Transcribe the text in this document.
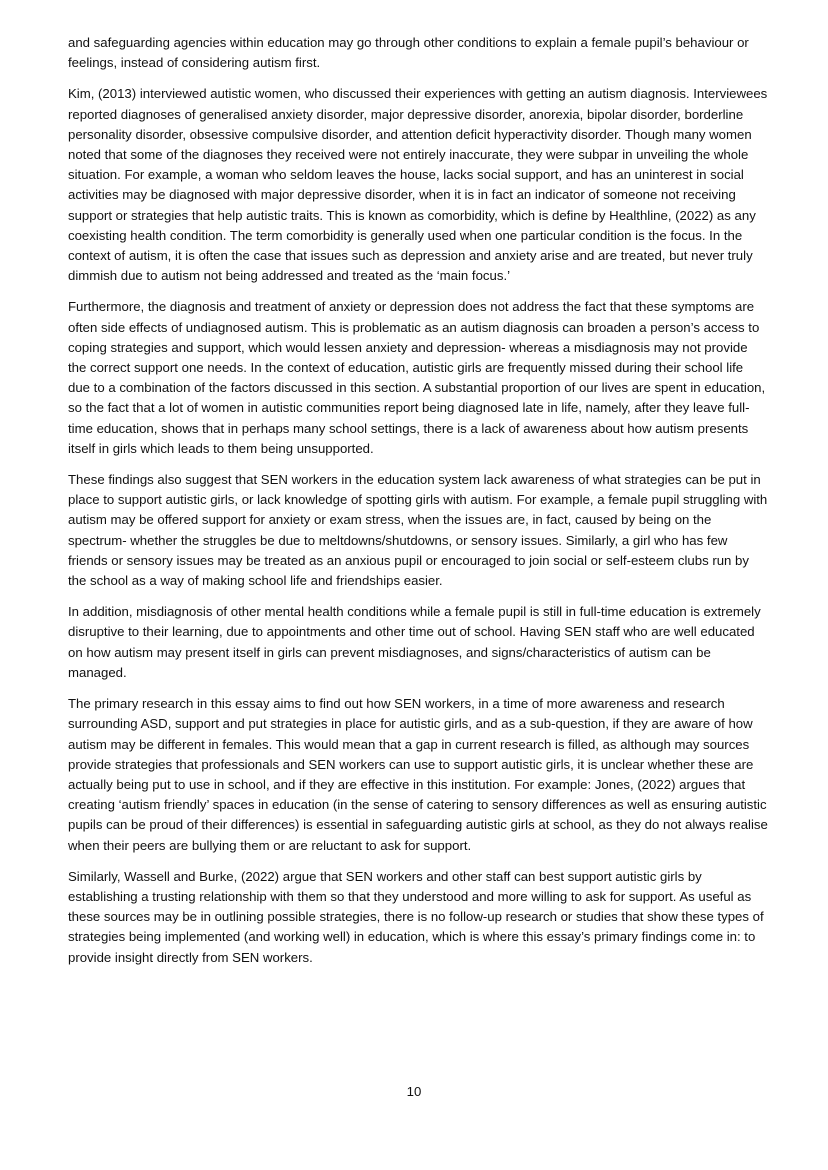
and safeguarding agencies within education may go through other conditions to explain a female pupil’s behaviour or feelings, instead of considering autism first.

Kim, (2013) interviewed autistic women, who discussed their experiences with getting an autism diagnosis. Interviewees reported diagnoses of generalised anxiety disorder, major depressive disorder, anorexia, bipolar disorder, borderline personality disorder, obsessive compulsive disorder, and attention deficit hyperactivity disorder. Though many women noted that some of the diagnoses they received were not entirely inaccurate, they were subpar in unveiling the whole situation. For example, a woman who seldom leaves the house, lacks social support, and has an uninterest in social activities may be diagnosed with major depressive disorder, when it is in fact an indicator of someone not receiving support or strategies that help autistic traits. This is known as comorbidity, which is define by Healthline, (2022) as any coexisting health condition. The term comorbidity is generally used when one particular condition is the focus. In the context of autism, it is often the case that issues such as depression and anxiety arise and are treated, but never truly dimmish due to autism not being addressed and treated as the ‘main focus.’

Furthermore, the diagnosis and treatment of anxiety or depression does not address the fact that these symptoms are often side effects of undiagnosed autism. This is problematic as an autism diagnosis can broaden a person’s access to coping strategies and support, which would lessen anxiety and depression- whereas a misdiagnosis may not provide the correct support one needs. In the context of education, autistic girls are frequently missed during their school life due to a combination of the factors discussed in this section. A substantial proportion of our lives are spent in education, so the fact that a lot of women in autistic communities report being diagnosed late in life, namely, after they leave full-time education, shows that in perhaps many school settings, there is a lack of awareness about how autism presents itself in girls which leads to them being unsupported.

These findings also suggest that SEN workers in the education system lack awareness of what strategies can be put in place to support autistic girls, or lack knowledge of spotting girls with autism. For example, a female pupil struggling with autism may be offered support for anxiety or exam stress, when the issues are, in fact, caused by being on the spectrum- whether the struggles be due to meltdowns/shutdowns, or sensory issues. Similarly, a girl who has few friends or sensory issues may be treated as an anxious pupil or encouraged to join social or self-esteem clubs run by the school as a way of making school life and friendships easier.

In addition, misdiagnosis of other mental health conditions while a female pupil is still in full-time education is extremely disruptive to their learning, due to appointments and other time out of school. Having SEN staff who are well educated on how autism may present itself in girls can prevent misdiagnoses, and signs/characteristics of autism can be managed.

The primary research in this essay aims to find out how SEN workers, in a time of more awareness and research surrounding ASD, support and put strategies in place for autistic girls, and as a sub-question, if they are aware of how autism may be different in females. This would mean that a gap in current research is filled, as although may sources provide strategies that professionals and SEN workers can use to support autistic girls, it is unclear whether these are actually being put to use in school, and if they are effective in this institution. For example: Jones, (2022) argues that creating ‘autism friendly’ spaces in education (in the sense of catering to sensory differences as well as ensuring autistic pupils can be proud of their differences) is essential in safeguarding autistic girls at school, as they do not always realise when their peers are bullying them or are reluctant to ask for support.

Similarly, Wassell and Burke, (2022) argue that SEN workers and other staff can best support autistic girls by establishing a trusting relationship with them so that they understood and more willing to ask for support. As useful as these sources may be in outlining possible strategies, there is no follow-up research or studies that show these types of strategies being implemented (and working well) in education, which is where this essay’s primary findings come in: to provide insight directly from SEN workers.

10
